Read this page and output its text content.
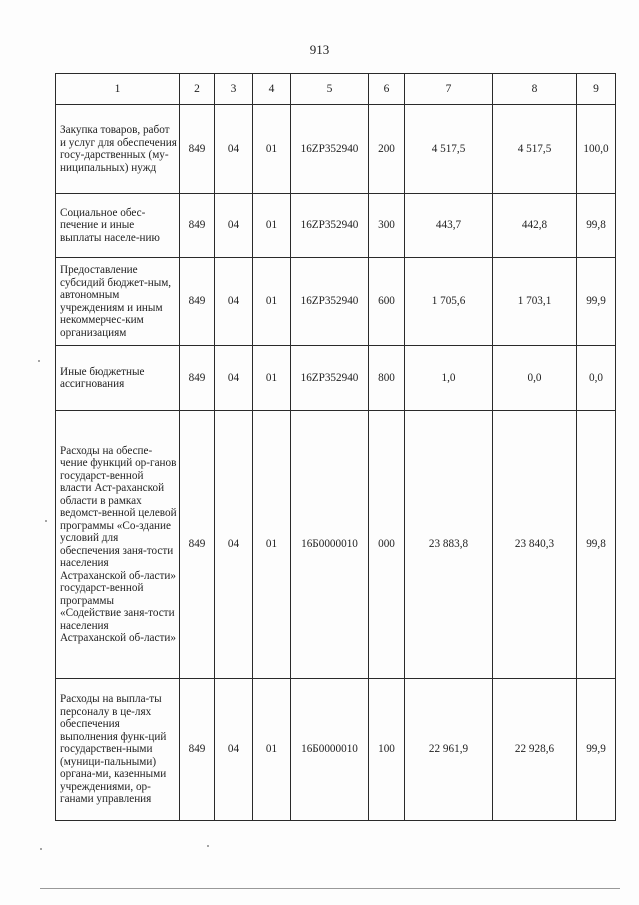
913
1	2	3	4	5	6	7	8	9
Закупка товаров, работ и услуг для обеспечения госу-дарственных (му-ниципальных) нужд	849	04	01	16ZP352940	200	4 517,5	4 517,5	100,0
Социальное обес-печение и иные выплаты населе-нию	849	04	01	16ZP352940	300	443,7	442,8	99,8
Предоставление субсидий бюджет-ным, автономным учреждениям и иным некоммерчес-ким организациям	849	04	01	16ZP352940	600	1 705,6	1 703,1	99,9
Иные бюджетные ассигнования	849	04	01	16ZP352940	800	1,0	0,0	0,0
Расходы на обеспе-чение функций ор-ганов государст-венной власти Аст-раханской области в рамках ведомст-венной целевой программы «Со-здание условий для обеспечения заня-тости населения Астраханской об-ласти» государст-венной программы «Содействие заня-тости населения Астраханской об-ласти»	849	04	01	16Б0000010	000	23 883,8	23 840,3	99,8
Расходы на выпла-ты персоналу в це-лях обеспечения выполнения функ-ций государствен-ными (муници-пальными) органа-ми, казенными учреждениями, ор-ганами управления	849	04	01	16Б0000010	100	22 961,9	22 928,6	99,9
